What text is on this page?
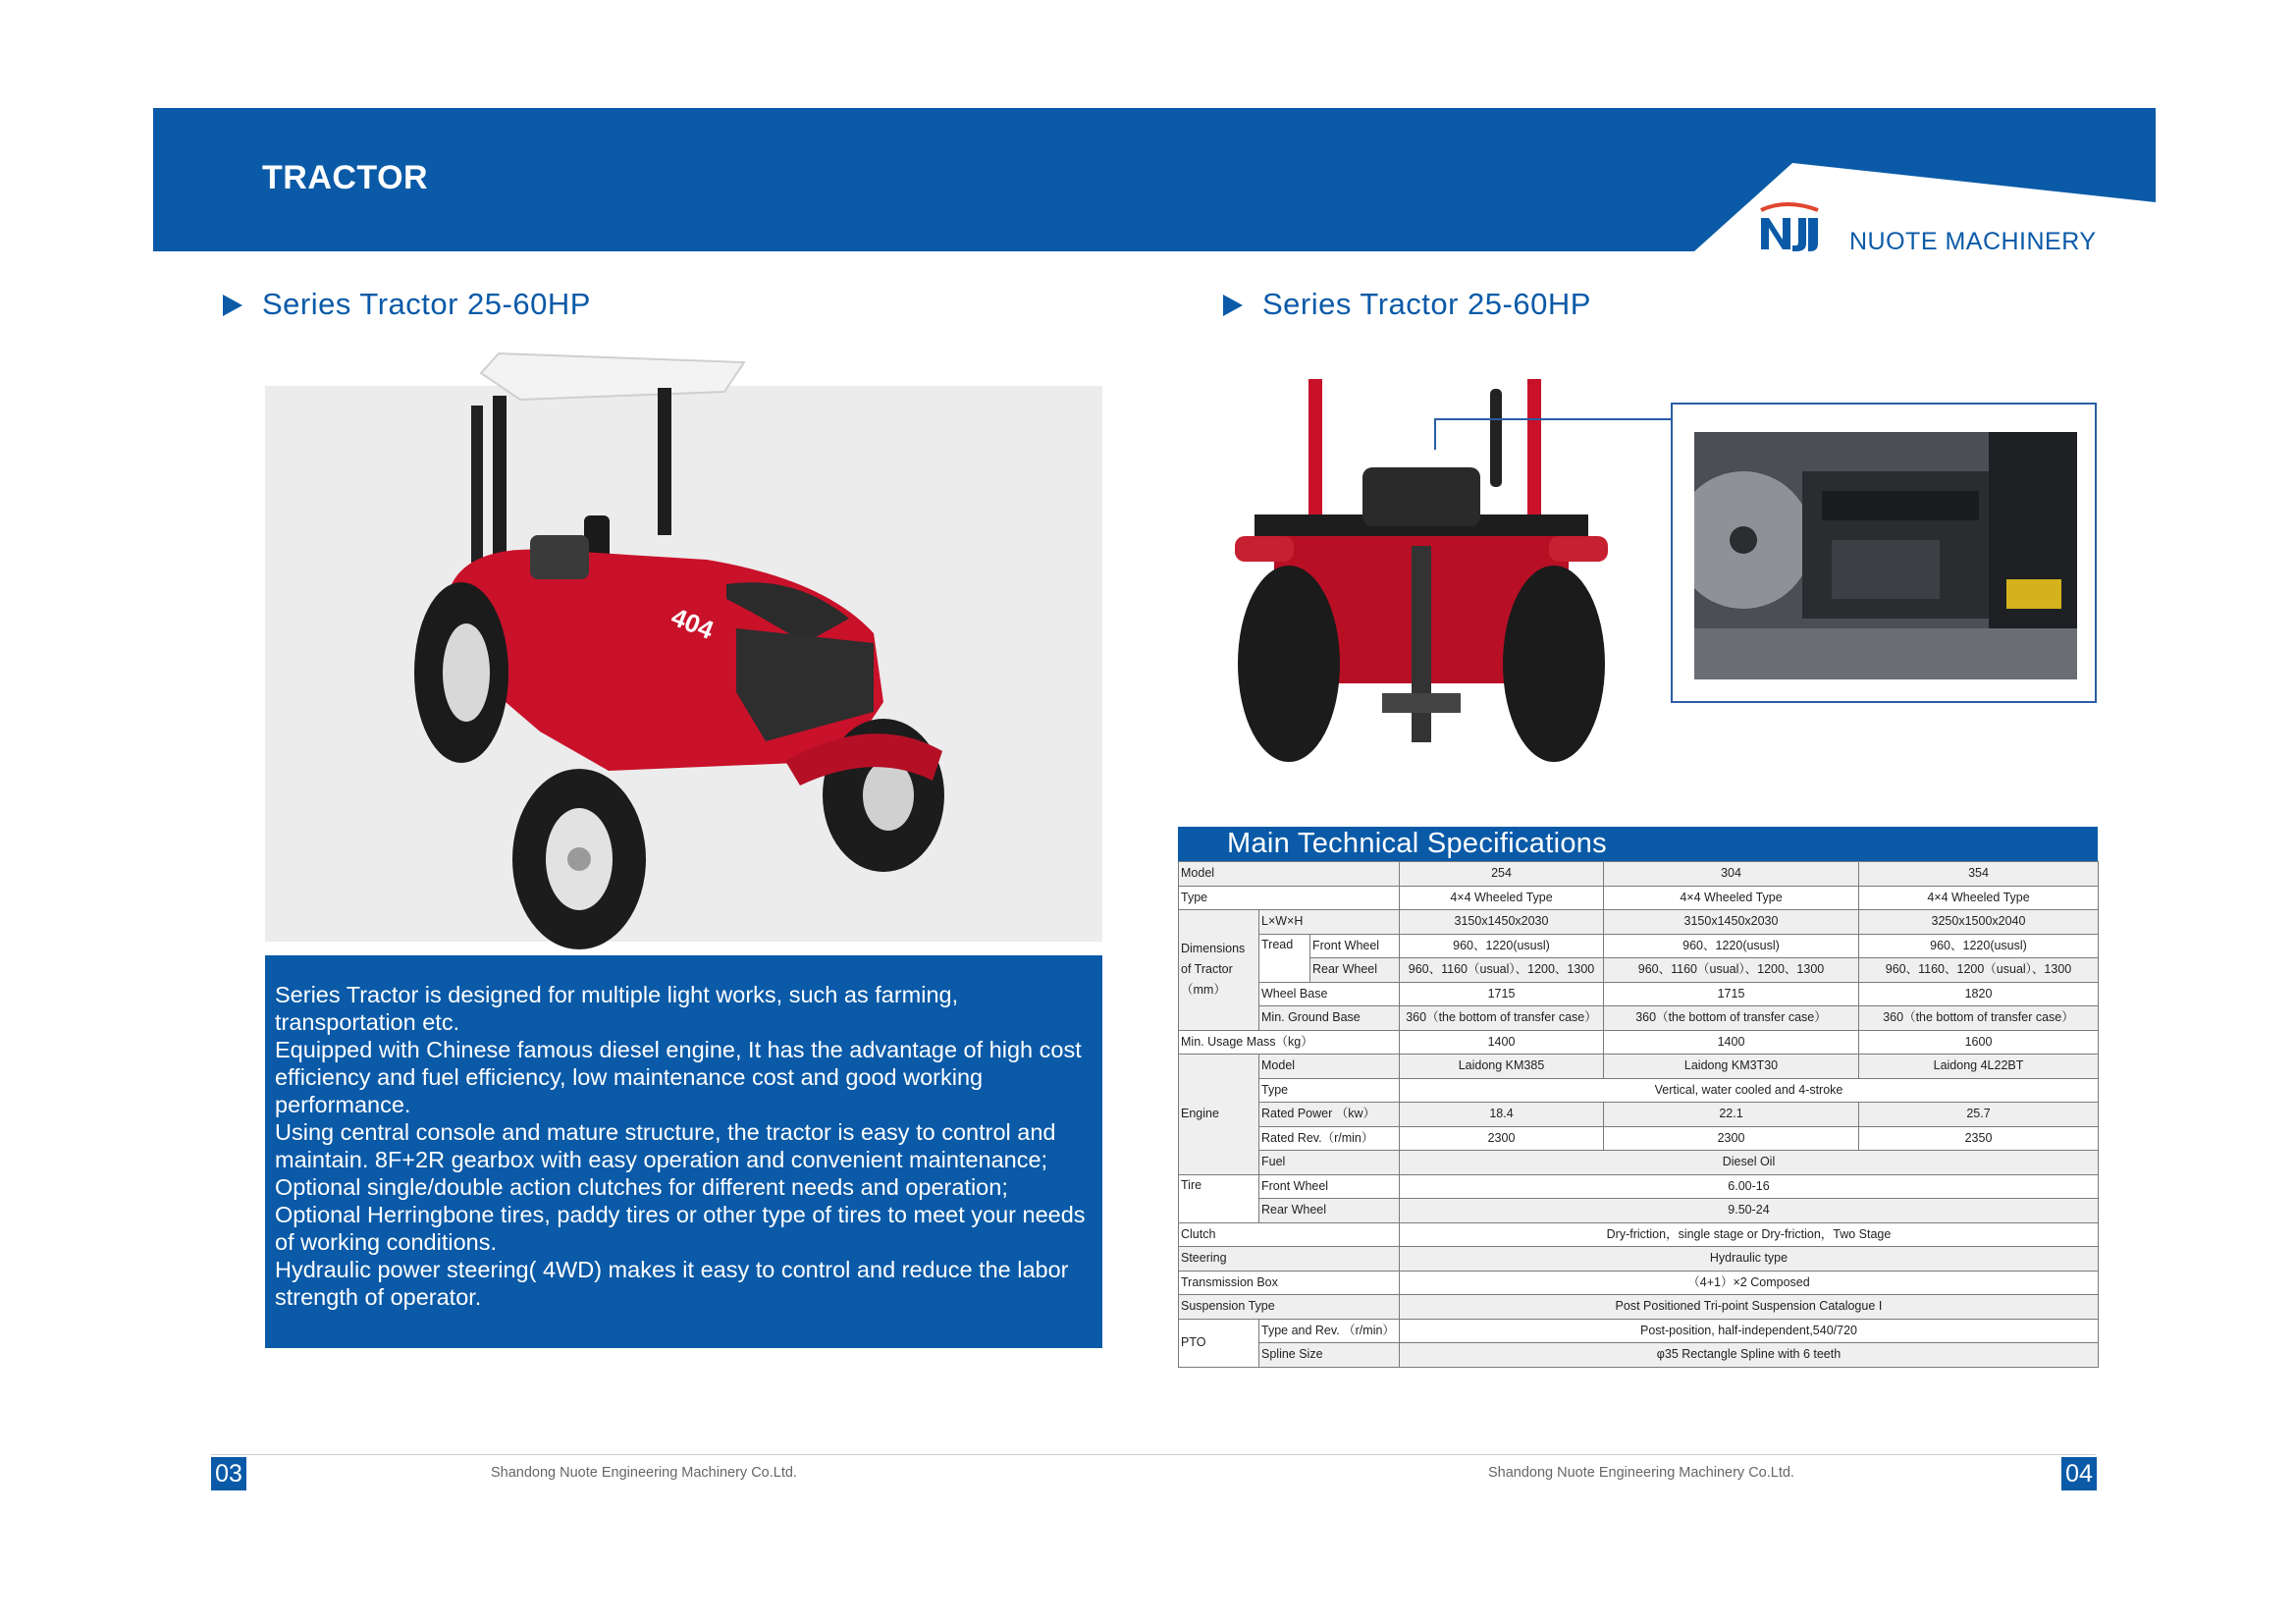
TRACTOR
NUOTE MACHINERY
Series Tractor 25-60HP
404

Series Tractor is designed for multiple light works, such as farming, transportation etc.

Equipped with Chinese famous diesel engine, It has the advantage of high cost efficiency and fuel efficiency, low maintenance cost and good working performance.

Using central console and mature structure, the tractor is easy to control and maintain. 8F+2R gearbox with easy operation and convenient maintenance;

Optional single/double action clutches for different needs and operation;

Optional Herringbone tires, paddy tires or other type of tires to meet your needs of working conditions.

Hydraulic power steering( 4WD) makes it easy to control and reduce the labor strength of operator.

Series Tractor 25-60HP
Main Technical Specifications
Model			254	304	354
Type			4×4 Wheeled Type	4×4 Wheeled Type	4×4 Wheeled Type
Dimensions
of Tractor
（mm）	L×W×H		3150x1450x2030	3150x1450x2030	3250x1500x2040
	Tread	Front Wheel	960、1220(ususl)	960、1220(ususl)	960、1220(ususl)
		Rear Wheel	960、1160（usual）、1200、1300	960、1160（usual）、1200、1300	960、1160、1200（usual）、1300
	Wheel Base		1715	1715	1820
	Min. Ground Base		360（the bottom of transfer case）	360（the bottom of transfer case）	360（the bottom of transfer case）
Min. Usage Mass（kg）			1400	1400	1600
Engine	Model		Laidong KM385	Laidong KM3T30	Laidong 4L22BT
	Type		Vertical, water cooled and 4-stroke		
	Rated Power （kw）		18.4	22.1	25.7
	Rated Rev.（r/min）		2300	2300	2350
	Fuel		Diesel Oil		
Tire	Front Wheel		6.00-16		
	Rear Wheel		9.50-24		
Clutch			Dry-friction，single stage or Dry-friction，Two Stage		
Steering			Hydraulic type		
Transmission Box			（4+1）×2 Composed		
Suspension Type			Post Positioned Tri-point Suspension Catalogue Ⅰ		
PTO	Type and Rev. （r/min）		Post-position, half-independent,540/720		
	Spline Size		φ35 Rectangle Spline with 6 teeth		
03	Shandong Nuote Engineering Machinery Co.Ltd.	Shandong Nuote Engineering Machinery Co.Ltd.	04
